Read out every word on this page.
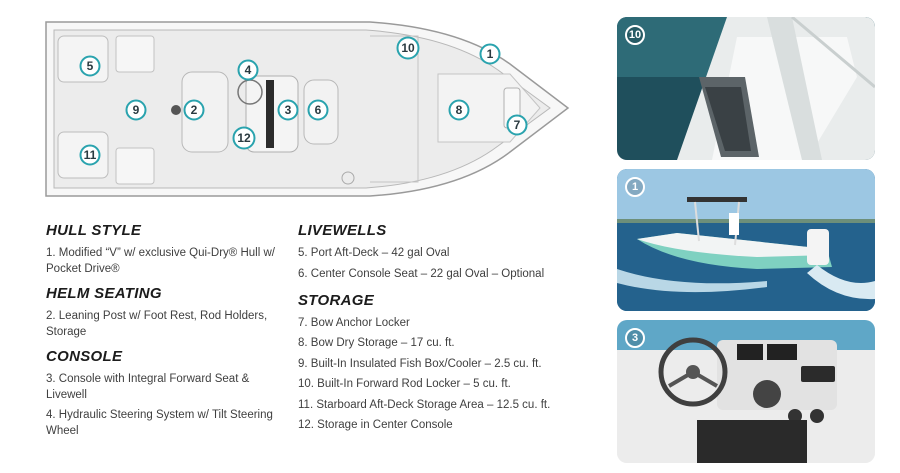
1
2	3
4
5
6
7
8
9
10
11
12
HULL STYLE
1. Modified “V” w/ exclusive Qui-Dry® Hull w/ Pocket Drive®
HELM SEATING
2. Leaning Post w/ Foot Rest, Rod Holders, Storage
CONSOLE
3. Console with Integral Forward Seat & Livewell
4. Hydraulic Steering System w/ Tilt Steering Wheel
LIVEWELLS
5. Port Aft-Deck – 42 gal Oval
6. Center Console Seat – 22 gal Oval – Optional
STORAGE
7. Bow Anchor Locker
8. Bow Dry Storage – 17 cu. ft.
9. Built-In Insulated Fish Box/Cooler – 2.5 cu. ft.
10. Built-In Forward Rod Locker – 5 cu. ft.
11. Starboard Aft-Deck Storage Area – 12.5 cu. ft.
12. Storage in Center Console
10
1
3
